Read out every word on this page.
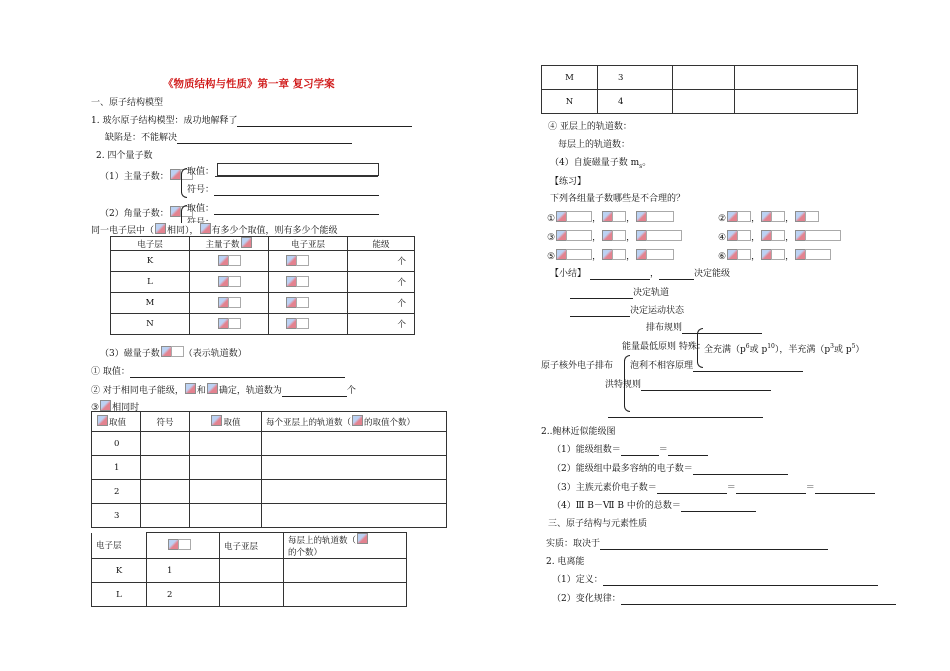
《物质结构与性质》第一章 复习学案
一、原子结构模型
1. 玻尔原子结构模型：成功地解释了
缺陷是：不能解决
2. 四个量子数
（1）主量子数：	取值：
符号：
（2）角量子数：	取值：
同一电子层中（ 相同）， 有多少个取值，则有多少个能级
电子层	主量子数	电子亚层	能级
K			个
L			个
M			个
N			个
（3）磁量子数	（表示轨道数）
① 取值：
② 对于相同电子能级， 和 确定，轨道数为	个
③ 相同时
取值	符号	取值	每个亚层上的轨道数（ 的取值个数）
0			
1			
2			
3			
电子层		电子亚层	每层上的轨道数（的个数）
K	1		
L	2		
M	3		
N	4		
④ 亚层上的轨道数：
每层上的轨道数：
（4）自旋磁量子数 $m_s$。
【练习】
下列各组量子数哪些是不合理的？
①	，	，	②	，	，
③	，	，	④	，	，
⑤	，	，	⑥	，	，
【小结】	，	决定能级
决定轨道
决定运动状态
排布规则
能量最低原则 特殊：
全充满（$p^6$或 $p^{10}$），半充满（$p^3$或 $p^5$）
原子核外电子排布 泡利不相容原理
洪特规则
2..鲍林近似能级图
（1）能级组数＝	＝
（2）能级组中最多容纳的电子数＝
（3）主族元素价电子数＝	＝	＝
（4）Ⅲ B－Ⅶ B 中价的总数＝
三、原子结构与元素性质
实质：取决于
2. 电离能
（1）定义：
（2）变化规律：
